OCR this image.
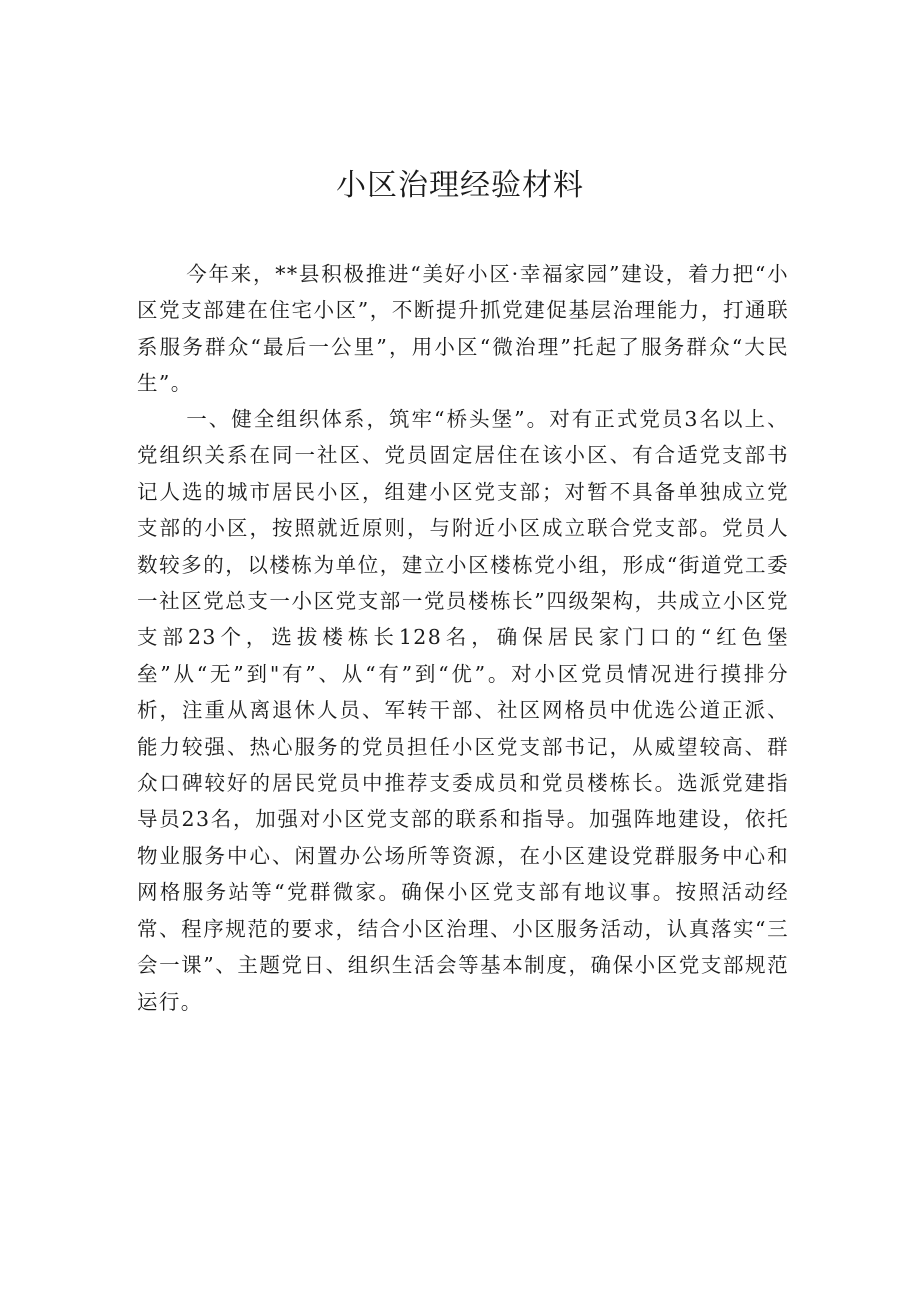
小区治理经验材料

今年来，**县积极推进“美好小区·幸福家园”建设，着力把“小区党支部建在住宅小区”，不断提升抓党建促基层治理能力，打通联系服务群众“最后一公里”，用小区“微治理”托起了服务群众“大民生”。

一、健全组织体系，筑牢“桥头堡”。对有正式党员3名以上、党组织关系在同一社区、党员固定居住在该小区、有合适党支部书记人选的城市居民小区，组建小区党支部；对暂不具备单独成立党支部的小区，按照就近原则，与附近小区成立联合党支部。党员人数较多的，以楼栋为单位，建立小区楼栋党小组，形成“街道党工委一社区党总支一小区党支部一党员楼栋长”四级架构，共成立小区党支部23个，选拔楼栋长128名，确保居民家门口的“红色堡垒”从“无”到"有”、从“有”到“优”。对小区党员情况进行摸排分析，注重从离退休人员、军转干部、社区网格员中优选公道正派、能力较强、热心服务的党员担任小区党支部书记，从威望较高、群众口碑较好的居民党员中推荐支委成员和党员楼栋长。选派党建指导员23名，加强对小区党支部的联系和指导。加强阵地建设，依托物业服务中心、闲置办公场所等资源，在小区建设党群服务中心和网格服务站等“党群微家。确保小区党支部有地议事。按照活动经常、程序规范的要求，结合小区治理、小区服务活动，认真落实“三会一课”、主题党日、组织生活会等基本制度，确保小区党支部规范运行。
